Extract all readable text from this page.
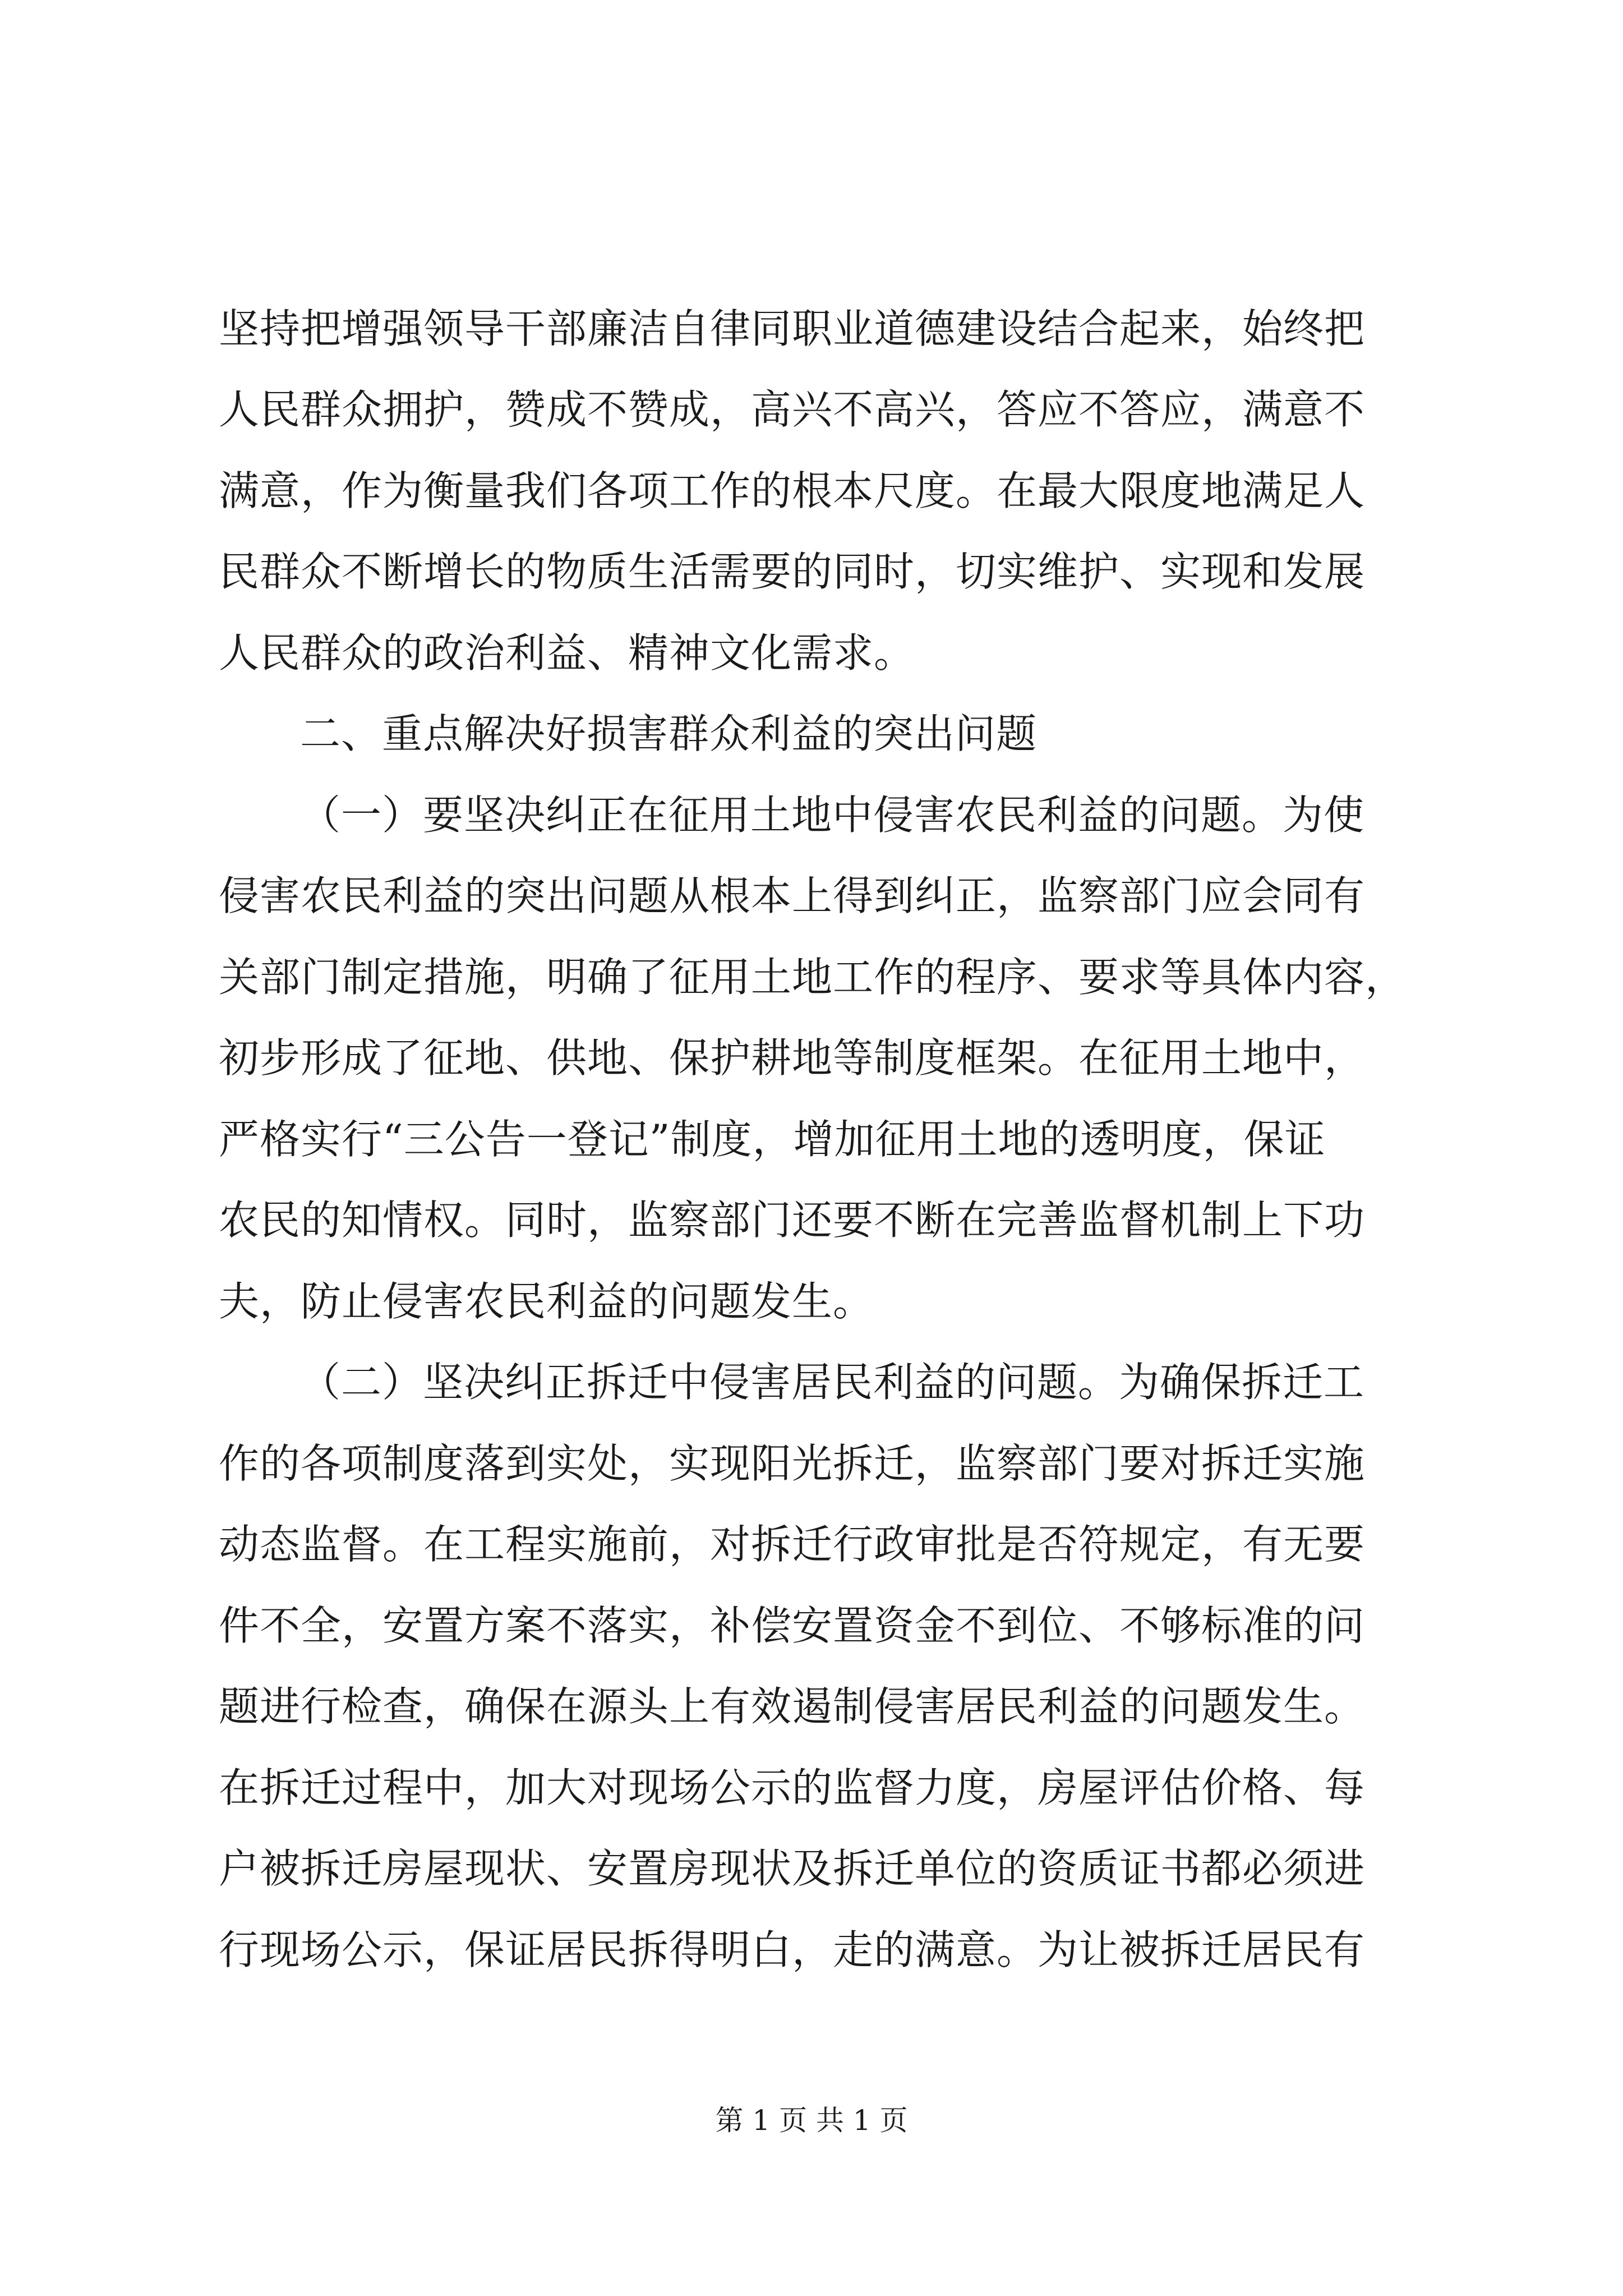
坚持把增强领导干部廉洁自律同职业道德建设结合起来，始终把
人民群众拥护，赞成不赞成，高兴不高兴，答应不答应，满意不
满意，作为衡量我们各项工作的根本尺度。在最大限度地满足人
民群众不断增长的物质生活需要的同时，切实维护、实现和发展
人民群众的政治利益、精神文化需求。
二、重点解决好损害群众利益的突出问题
（一）要坚决纠正在征用土地中侵害农民利益的问题。为使
侵害农民利益的突出问题从根本上得到纠正，监察部门应会同有
关部门制定措施，明确了征用土地工作的程序、要求等具体内容，
初步形成了征地、供地、保护耕地等制度框架。在征用土地中，
严格实行“三公告一登记”制度，增加征用土地的透明度，保证
农民的知情权。同时，监察部门还要不断在完善监督机制上下功
夫，防止侵害农民利益的问题发生。
（二）坚决纠正拆迁中侵害居民利益的问题。为确保拆迁工
作的各项制度落到实处，实现阳光拆迁，监察部门要对拆迁实施
动态监督。在工程实施前，对拆迁行政审批是否符规定，有无要
件不全，安置方案不落实，补偿安置资金不到位、不够标准的问
题进行检查，确保在源头上有效遏制侵害居民利益的问题发生。
在拆迁过程中，加大对现场公示的监督力度，房屋评估价格、每
户被拆迁房屋现状、安置房现状及拆迁单位的资质证书都必须进
行现场公示，保证居民拆得明白，走的满意。为让被拆迁居民有
第 1 页 共 1 页
